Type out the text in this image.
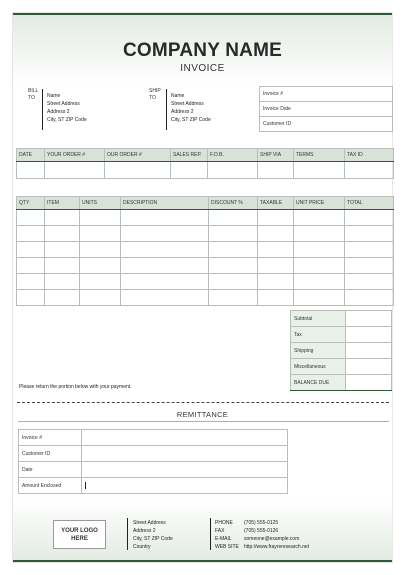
COMPANY NAME
INVOICE
BILL
TO Name
Street Address
Address 2
City, ST ZIP Code
SHIP
TO	Name
Street Address
Address 2
City, ST ZIP Code
Invoice #
Invoice Date
Customer ID
DATE	YOUR ORDER #	OUR ORDER #	SALES REP.	F.O.B.	SHIP VIA	TERMS	TAX ID

QTY	ITEM	UNITS	DESCRIPTION	DISCOUNT %	TAXABLE	UNIT PRICE	TOTAL

Subtotal	
Tax	
Shipping	
Miscellaneous	
BALANCE DUE	
Please return the portion below with your payment.
REMITTANCE
Invoice #	
Customer ID	
Date	
Amount Enclosed	
YOUR LOGO
HERE
Street Address
Address 2
City, ST ZIP Code
Country
PHONE (705) 555-0125
FAX	(705) 555-0126
E-MAIL someone@example.com
WEB SITE http://www.frayreresearch.net
